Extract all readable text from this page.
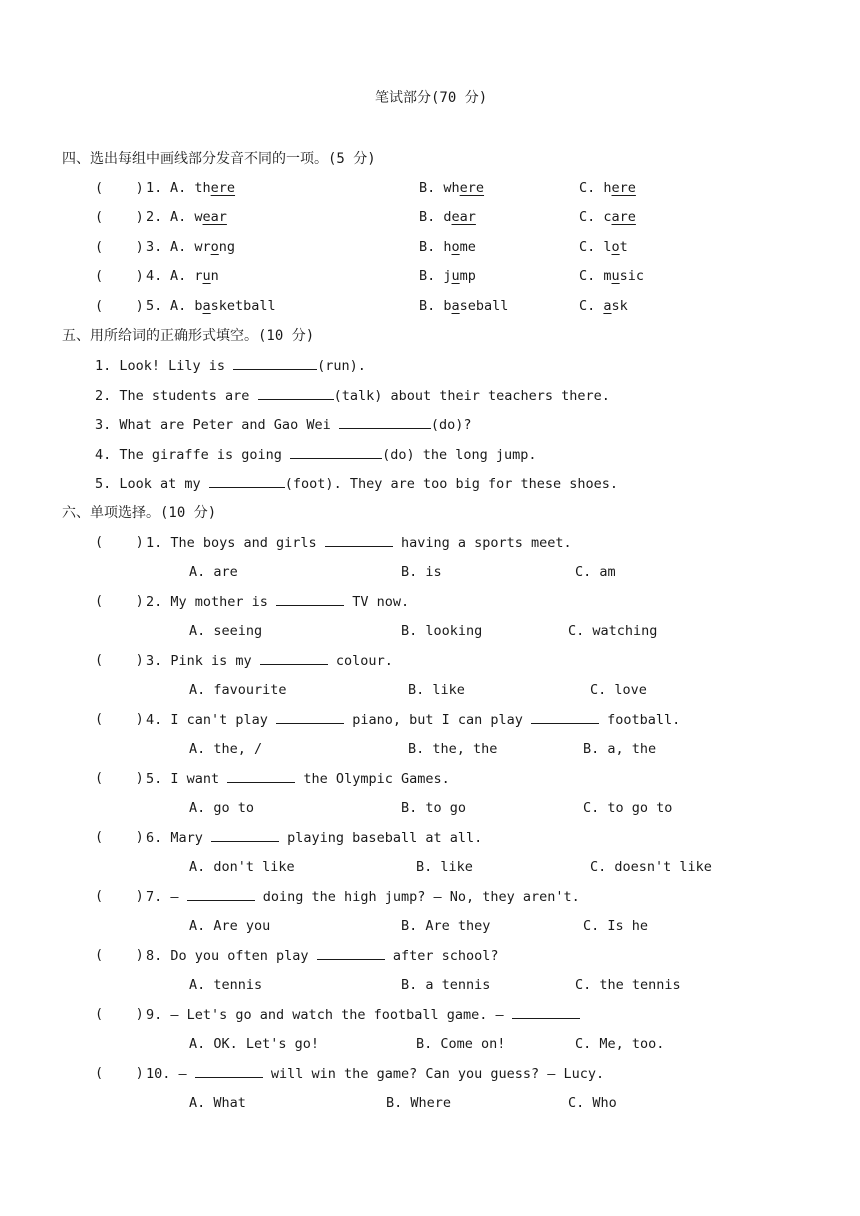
笔试部分(70 分)
四、选出每组中画线部分发音不同的一项。(5 分)
(    ) 1. A. there	B. where	C. here
(    ) 2. A. wear	B. dear	C. care
(    ) 3. A. wrong	B. home	C. lot
(    ) 4. A. run	B. jump	C. music
(    ) 5. A. basketball	B. baseball	C. ask
五、用所给词的正确形式填空。(10 分)
1. Look! Lily is	(run).
2. The students are	(talk) about their teachers there.
3. What are Peter and Gao Wei	(do)?
4. The giraffe is going	(do) the long jump.
5. Look at my	(foot). They are too big for these shoes.
六、单项选择。(10 分)
(    ) 1. The boys and girls	having a sports meet.
A. are	B. is	C. am
(    ) 2. My mother is	TV now.
A. seeing	B. looking	C. watching
(    ) 3. Pink is my	colour.
A. favourite	B. like	C. love
(    ) 4. I can't play	piano, but I can play	football.
A. the, /	B. the, the	B. a, the
(    ) 5. I want	the Olympic Games.
A. go to	B. to go	C. to go to
(    ) 6. Mary	playing baseball at all.
A. don't like	B. like	C. doesn't like
(    ) 7. —	doing the high jump? — No, they aren't.
A. Are you	B. Are they	C. Is he
(    ) 8. Do you often play	after school?
A. tennis	B. a tennis	C. the tennis
(    ) 9. — Let's go and watch the football game. —
A. OK. Let's go!	B. Come on!	C. Me, too.
(    ) 10. —	will win the game? Can you guess? — Lucy.
A. What	B. Where	C. Who
